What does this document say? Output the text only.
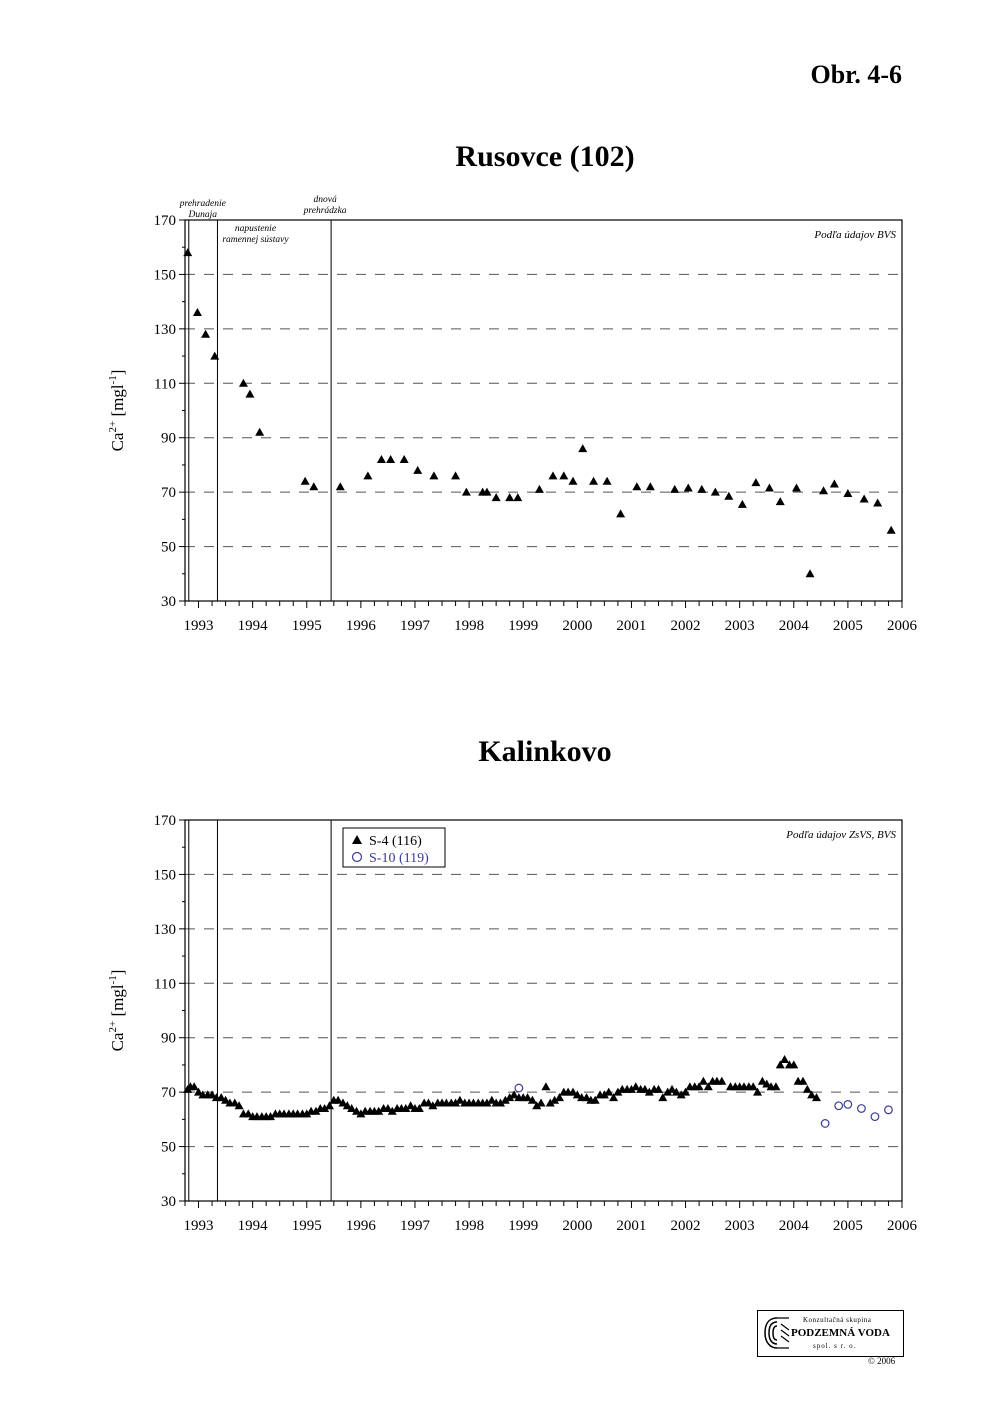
Obr. 4-6
Rusovce (102)
30
50
70
90
110
130
150
170
1993 1994 1995 1996 1997 1998 1999 2000 2001 2002 2003 2004 2005 2006
$Ca^{2+}$ [mgl$^{-1}$]
prehradenie
Dunaja
napustenie
ramennej sústavy
dnová
prehrádzka
Podľa údajov BVS
Kalinkovo
30
50
70
90
110
130
150
170
1993 1994 1995 1996 1997 1998 1999 2000 2001 2002 2003 2004 2005 2006
$Ca^{2+}$ [mgl$^{-1}$]
Podľa údajov ZsVS, BVS
S-4 (116)
S-10 (119)
Konzultačná skupina
PODZEMNÁ VODA
spol. s r. o.
© 2006
